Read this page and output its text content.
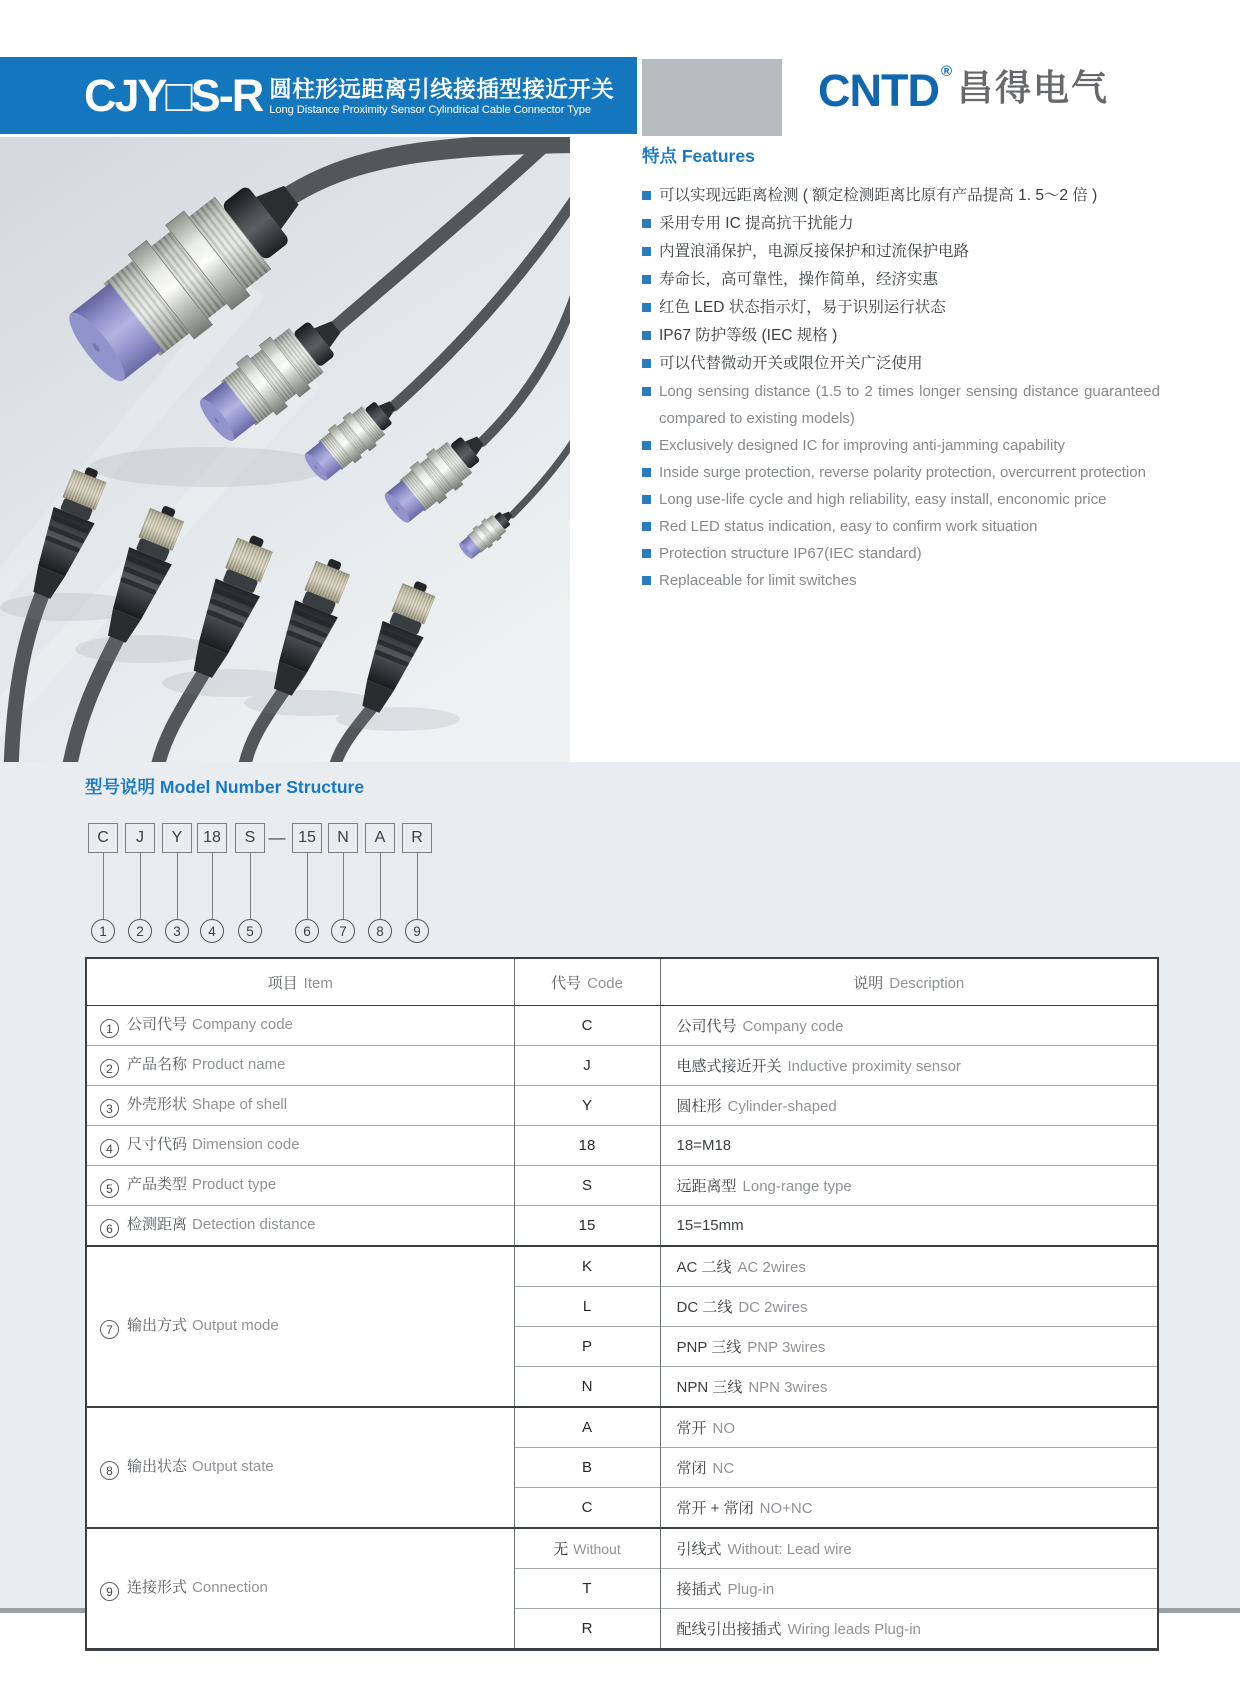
CJY□S-R 圆柱形远距离引线接插型接近开关
Long Distance Proximity Sensor Cylindrical Cable Connector Type	CNTD ® 昌得电气
特点 Features
可以实现远距离检测 ( 额定检测距离比原有产品提高 1. 5～2 倍 )
采用专用 IC 提高抗干扰能力
内置浪涌保护，电源反接保护和过流保护电路
寿命长，高可靠性，操作简单，经济实惠
红色 LED 状态指示灯，易于识别运行状态
IP67 防护等级 (IEC 规格 )
可以代替微动开关或限位开关广泛使用
Long sensing distance (1.5 to 2 times longer sensing distance guaranteed compared to existing models)
Exclusively designed IC for improving anti-jamming capability
Inside surge protection, reverse polarity protection, overcurrent protection
Long use-life cycle and high reliability, easy install, enconomic price
Red LED status indication, easy to confirm work situation
Protection structure IP67(IEC standard)
Replaceable for limit switches
型号说明 Model Number Structure
C	J	Y	18	S — 15	N	A	R
1	2	3	4	5	6	7	8	9
项目 Item	代号 Code	说明 Description
1 公司代号 Company code	C	公司代号 Company code
2 产品名称 Product name	J	电感式接近开关 Inductive proximity sensor
3 外壳形状 Shape of shell	Y	圆柱形 Cylinder-shaped
4 尺寸代码 Dimension code	18	18=M18
5 产品类型 Product type	S	远距离型 Long-range type
6 检测距离 Detection distance	15	15=15mm
7 输出方式 Output mode	K	AC 二线 AC 2wires
	L	DC 二线 DC 2wires
	P	PNP 三线 PNP 3wires
	N	NPN 三线 NPN 3wires
8 输出状态 Output state	A	常开 NO
	B	常闭 NC
	C	常开 + 常闭 NO+NC
9 连接形式 Connection	无 Without	引线式 Without: Lead wire
	T	接插式 Plug-in
	R	配线引出接插式 Wiring leads Plug-in
